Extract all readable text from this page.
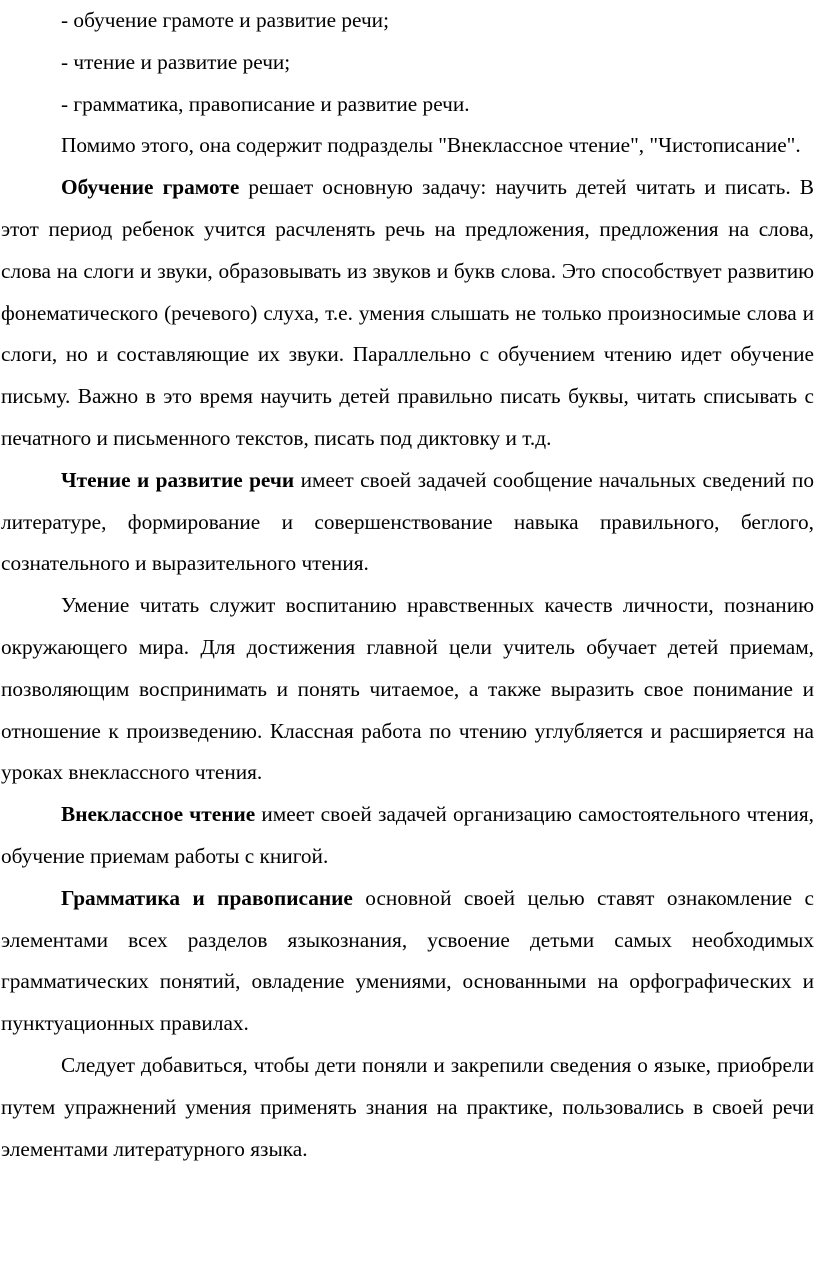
- обучение грамоте и развитие речи;
- чтение и развитие речи;
- грамматика, правописание и развитие речи.

Помимо этого, она содержит подразделы "Внеклассное чтение", "Чистописание".

Обучение грамоте решает основную задачу: научить детей читать и писать. В этот период ребенок учится расчленять речь на предложения, предложения на слова, слова на слоги и звуки, образовывать из звуков и букв слова. Это способствует развитию фонематического (речевого) слуха, т.е. умения слышать не только произносимые слова и слоги, но и составляющие их звуки. Параллельно с обучением чтению идет обучение письму. Важно в это время научить детей правильно писать буквы, читать списывать с печатного и письменного текстов, писать под диктовку и т.д.

Чтение и развитие речи имеет своей задачей сообщение начальных сведений по литературе, формирование и совершенствование навыка правильного, беглого, сознательного и выразительного чтения.

Умение читать служит воспитанию нравственных качеств личности, познанию окружающего мира. Для достижения главной цели учитель обучает детей приемам, позволяющим воспринимать и понять читаемое, а также выразить свое понимание и отношение к произведению. Классная работа по чтению углубляется и расширяется на уроках внеклассного чтения.

Внеклассное чтение имеет своей задачей организацию самостоятельного чтения, обучение приемам работы с книгой.

Грамматика и правописание основной своей целью ставят ознакомление с элементами всех разделов языкознания, усвоение детьми самых необходимых грамматических понятий, овладение умениями, основанными на орфографических и пунктуационных правилах.

Следует добавиться, чтобы дети поняли и закрепили сведения о языке, приобрели путем упражнений умения применять знания на практике, пользовались в своей речи элементами литературного языка.
